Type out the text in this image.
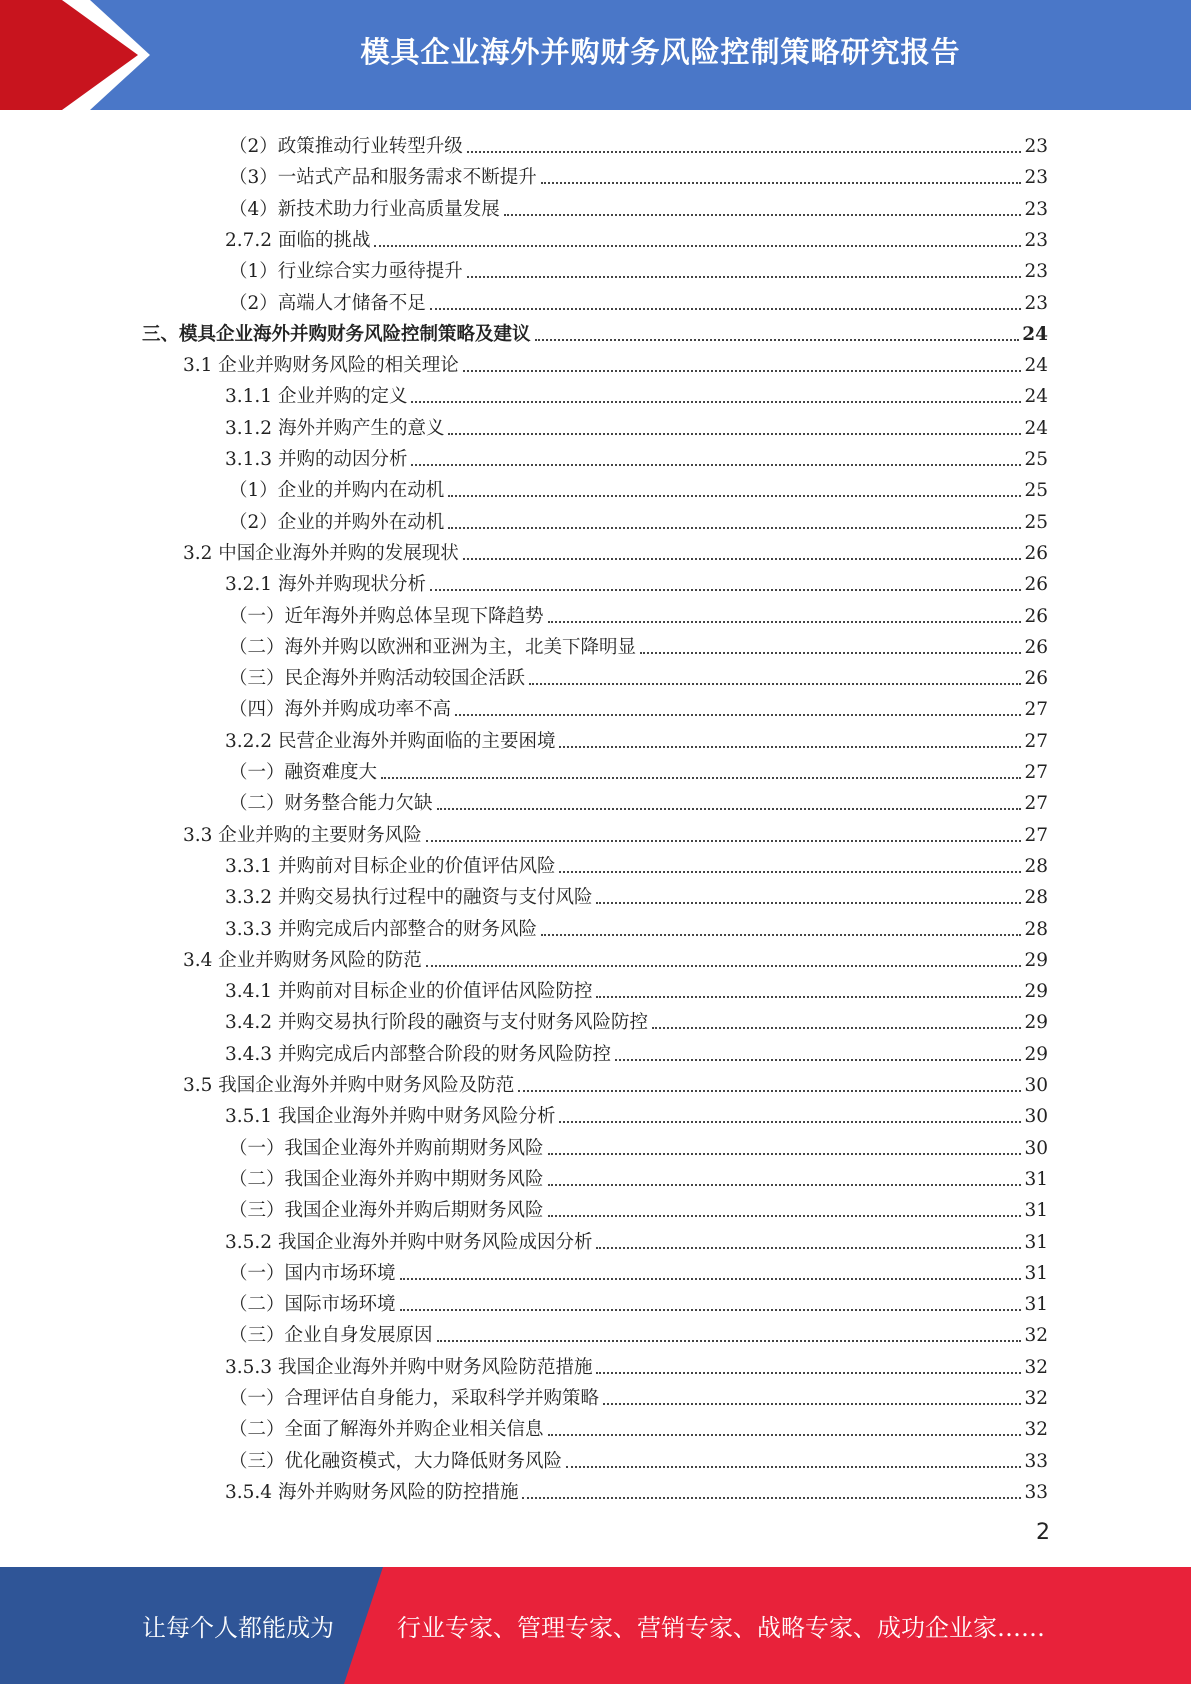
模具企业海外并购财务风险控制策略研究报告
（2）政策推动行业转型升级	23
（3）一站式产品和服务需求不断提升	23
（4）新技术助力行业高质量发展	23
2.7.2 面临的挑战	23
（1）行业综合实力亟待提升	23
（2）高端人才储备不足	23
三、模具企业海外并购财务风险控制策略及建议	24
3.1 企业并购财务风险的相关理论	24
3.1.1 企业并购的定义	24
3.1.2 海外并购产生的意义	24
3.1.3 并购的动因分析	25
（1）企业的并购内在动机	25
（2）企业的并购外在动机	25
3.2 中国企业海外并购的发展现状	26
3.2.1 海外并购现状分析	26
（一）近年海外并购总体呈现下降趋势	26
（二）海外并购以欧洲和亚洲为主，北美下降明显	26
（三）民企海外并购活动较国企活跃	26
（四）海外并购成功率不高	27
3.2.2 民营企业海外并购面临的主要困境	27
（一）融资难度大	27
（二）财务整合能力欠缺	27
3.3 企业并购的主要财务风险	27
3.3.1 并购前对目标企业的价值评估风险	28
3.3.2 并购交易执行过程中的融资与支付风险	28
3.3.3 并购完成后内部整合的财务风险	28
3.4 企业并购财务风险的防范	29
3.4.1 并购前对目标企业的价值评估风险防控	29
3.4.2 并购交易执行阶段的融资与支付财务风险防控	29
3.4.3 并购完成后内部整合阶段的财务风险防控	29
3.5 我国企业海外并购中财务风险及防范	30
3.5.1 我国企业海外并购中财务风险分析	30
（一）我国企业海外并购前期财务风险	30
（二）我国企业海外并购中期财务风险	31
（三）我国企业海外并购后期财务风险	31
3.5.2 我国企业海外并购中财务风险成因分析	31
（一）国内市场环境	31
（二）国际市场环境	31
（三）企业自身发展原因	32
3.5.3 我国企业海外并购中财务风险防范措施	32
（一）合理评估自身能力，采取科学并购策略	32
（二）全面了解海外并购企业相关信息	32
（三）优化融资模式，大力降低财务风险	33
3.5.4 海外并购财务风险的防控措施	33
2
让每个人都能成为	行业专家、管理专家、营销专家、战略专家、成功企业家……
